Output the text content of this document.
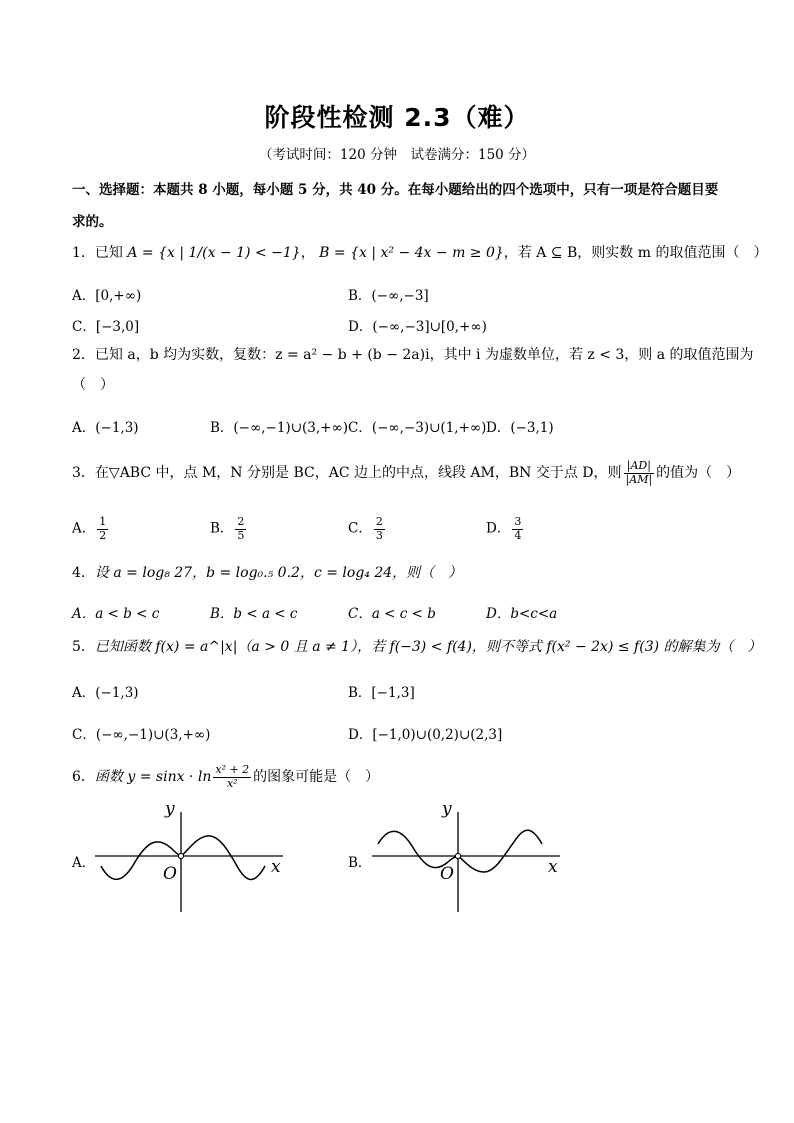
阶段性检测 2.3（难）
（考试时间：120 分钟　试卷满分：150 分）
一、选择题：本题共 8 小题，每小题 5 分，共 40 分。在每小题给出的四个选项中，只有一项是符合题目要
求的。
1．已知 A = {x | 1/(x − 1) < −1}， B = {x | x² − 4x − m ≥ 0}，若 A ⊆ B，则实数 m 的取值范围（　）
A．[0,+∞)	B．(−∞,−3]
C．[−3,0]	D．(−∞,−3]∪[0,+∞)
2．已知 a，b 均为实数，复数：z = a² − b + (b − 2a)i，其中 i 为虚数单位，若 z < 3，则 a 的取值范围为
（　）
A．(−1,3)	B．(−∞,−1)∪(3,+∞) C．(−∞,−3)∪(1,+∞) D．(−3,1)
3．在▽ABC 中，点 M，N 分别是 BC，AC 边上的中点，线段 AM，BN 交于点 D，则 $\frac{|AD|}{|AM|}$ 的值为（　）
A． $\frac{1}{2}$	B． $\frac{2}{5}$	C． $\frac{2}{3}$	D． $\frac{3}{4}$
4．设 a = log₈ 27，b = log₀.₅ 0.2，c = log₄ 24，则（　）
A．a < b < c	B．b < a < c	C．a < c < b	D．b<c<a
5．已知函数 f(x) = a^|x|（a > 0 且 a ≠ 1），若 f(−3) < f(4)，则不等式 f(x² − 2x) ≤ f(3) 的解集为（　）
A．(−1,3)	B．[−1,3]
C．(−∞,−1)∪(3,+∞)	D．[−1,0)∪(0,2)∪(2,3]
6．函数 $y = \sin x \cdot \ln \frac{\text{x² + 2}}{\text{x²}}$ 的图象可能是（　）
A．
O	x
y
B．
O	x
y
